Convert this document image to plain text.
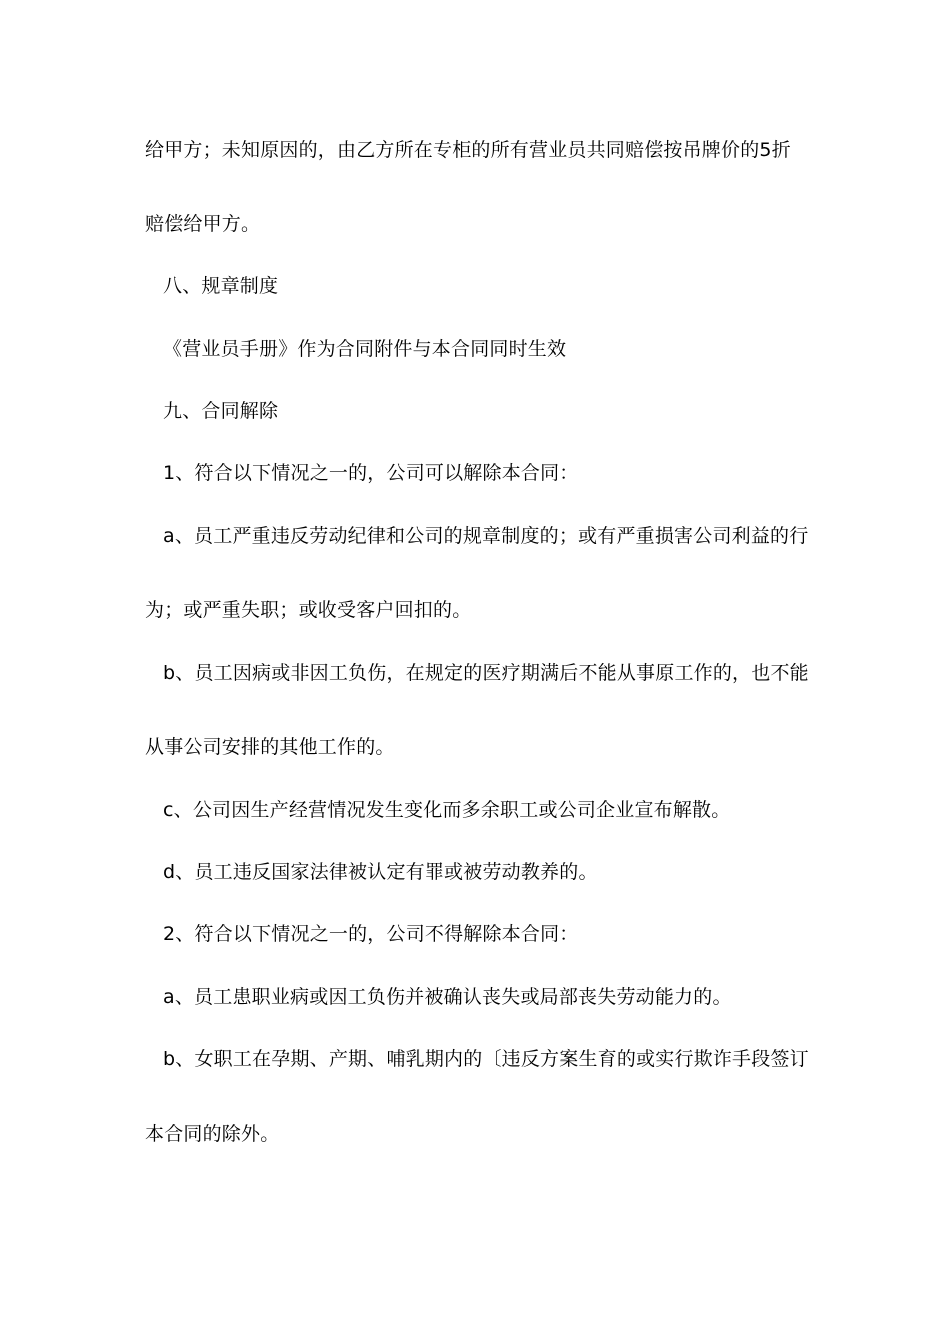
给甲方；未知原因的，由乙方所在专柜的所有营业员共同赔偿按吊牌价的5折
赔偿给甲方。
八、规章制度
《营业员手册》作为合同附件与本合同同时生效
九、合同解除
1、符合以下情况之一的，公司可以解除本合同：
a、员工严重违反劳动纪律和公司的规章制度的；或有严重损害公司利益的行
为；或严重失职；或收受客户回扣的。
b、员工因病或非因工负伤，在规定的医疗期满后不能从事原工作的，也不能
从事公司安排的其他工作的。
c、公司因生产经营情况发生变化而多余职工或公司企业宣布解散。
d、员工违反国家法律被认定有罪或被劳动教养的。
2、符合以下情况之一的，公司不得解除本合同：
a、员工患职业病或因工负伤并被确认丧失或局部丧失劳动能力的。
b、女职工在孕期、产期、哺乳期内的〔违反方案生育的或实行欺诈手段签订
本合同的除外。
